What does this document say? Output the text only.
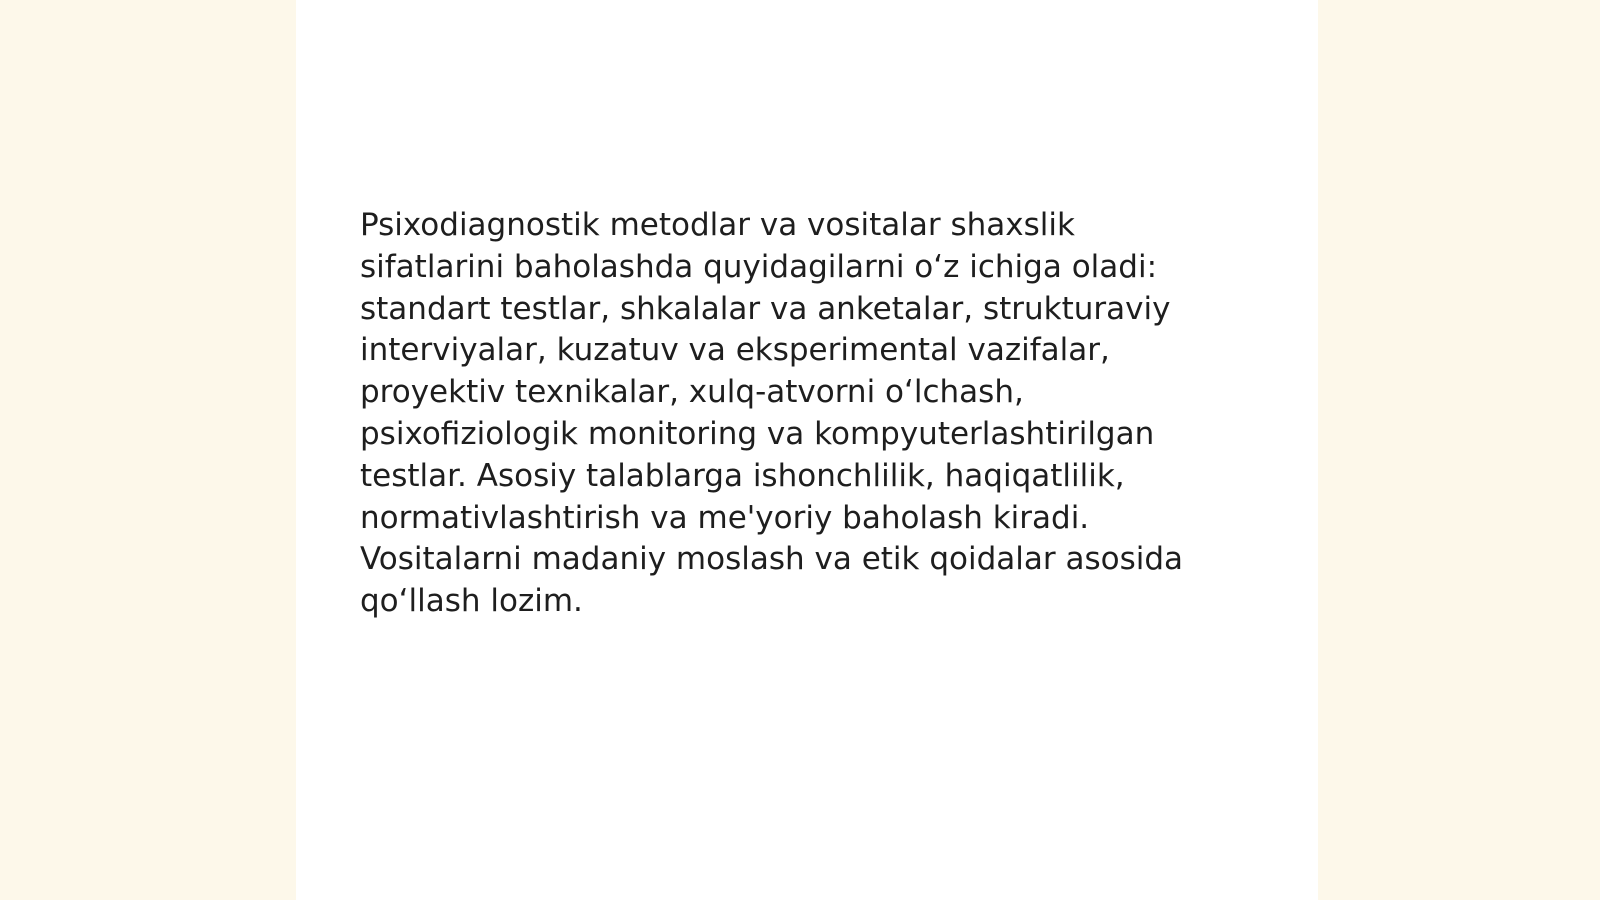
Psixodiagnostik metodlar va vositalar shaxslik
sifatlarini baholashda quyidagilarni oʻz ichiga oladi:
standart testlar, shkalalar va anketalar, strukturaviy
interviyalar, kuzatuv va eksperimental vazifalar,
proyektiv texnikalar, xulq-atvorni oʻlchash,
psixofiziologik monitoring va kompyuterlashtirilgan
testlar. Asosiy talablarga ishonchlilik, haqiqatlilik,
normativlashtirish va me'yoriy baholash kiradi.
Vositalarni madaniy moslash va etik qoidalar asosida
qoʻllash lozim.
